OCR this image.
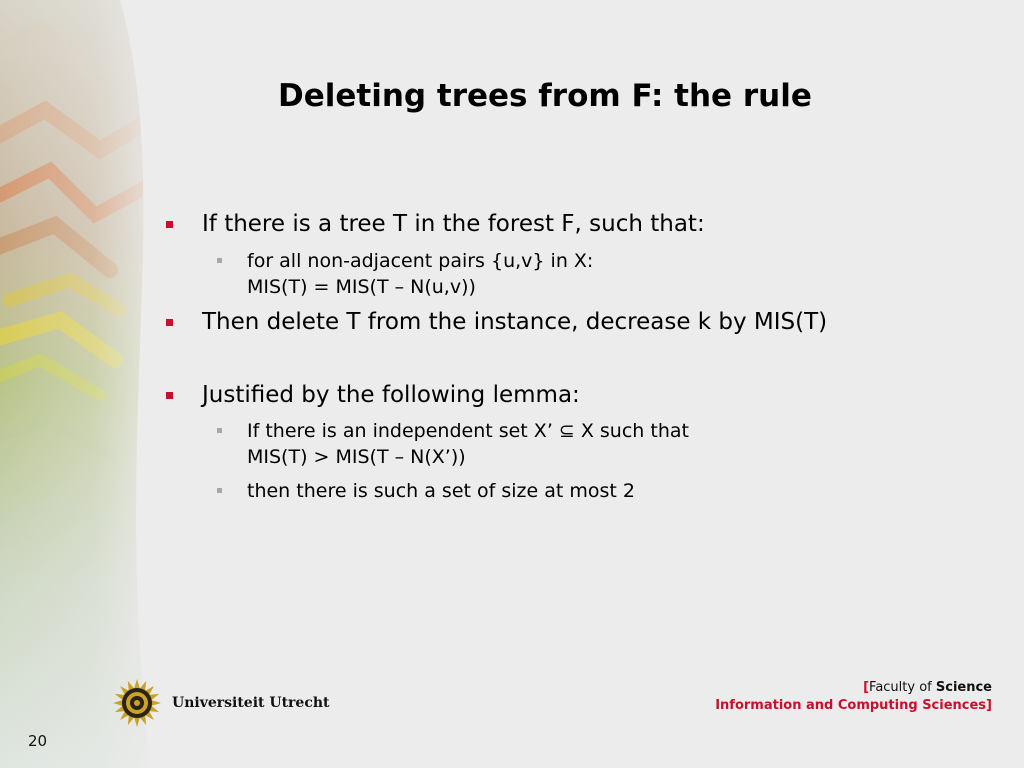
Deleting trees from F: the rule
If there is a tree T in the forest F, such that:
for all non-adjacent pairs {u,v} in X:
MIS(T) = MIS(T – N(u,v))
Then delete T from the instance, decrease k by MIS(T)
Justified by the following lemma:
If there is an independent set X’ ⊆ X such that
MIS(T) > MIS(T – N(X’))
then there is such a set of size at most 2
Universiteit Utrecht
[Faculty of Science
Information and Computing Sciences]
20
